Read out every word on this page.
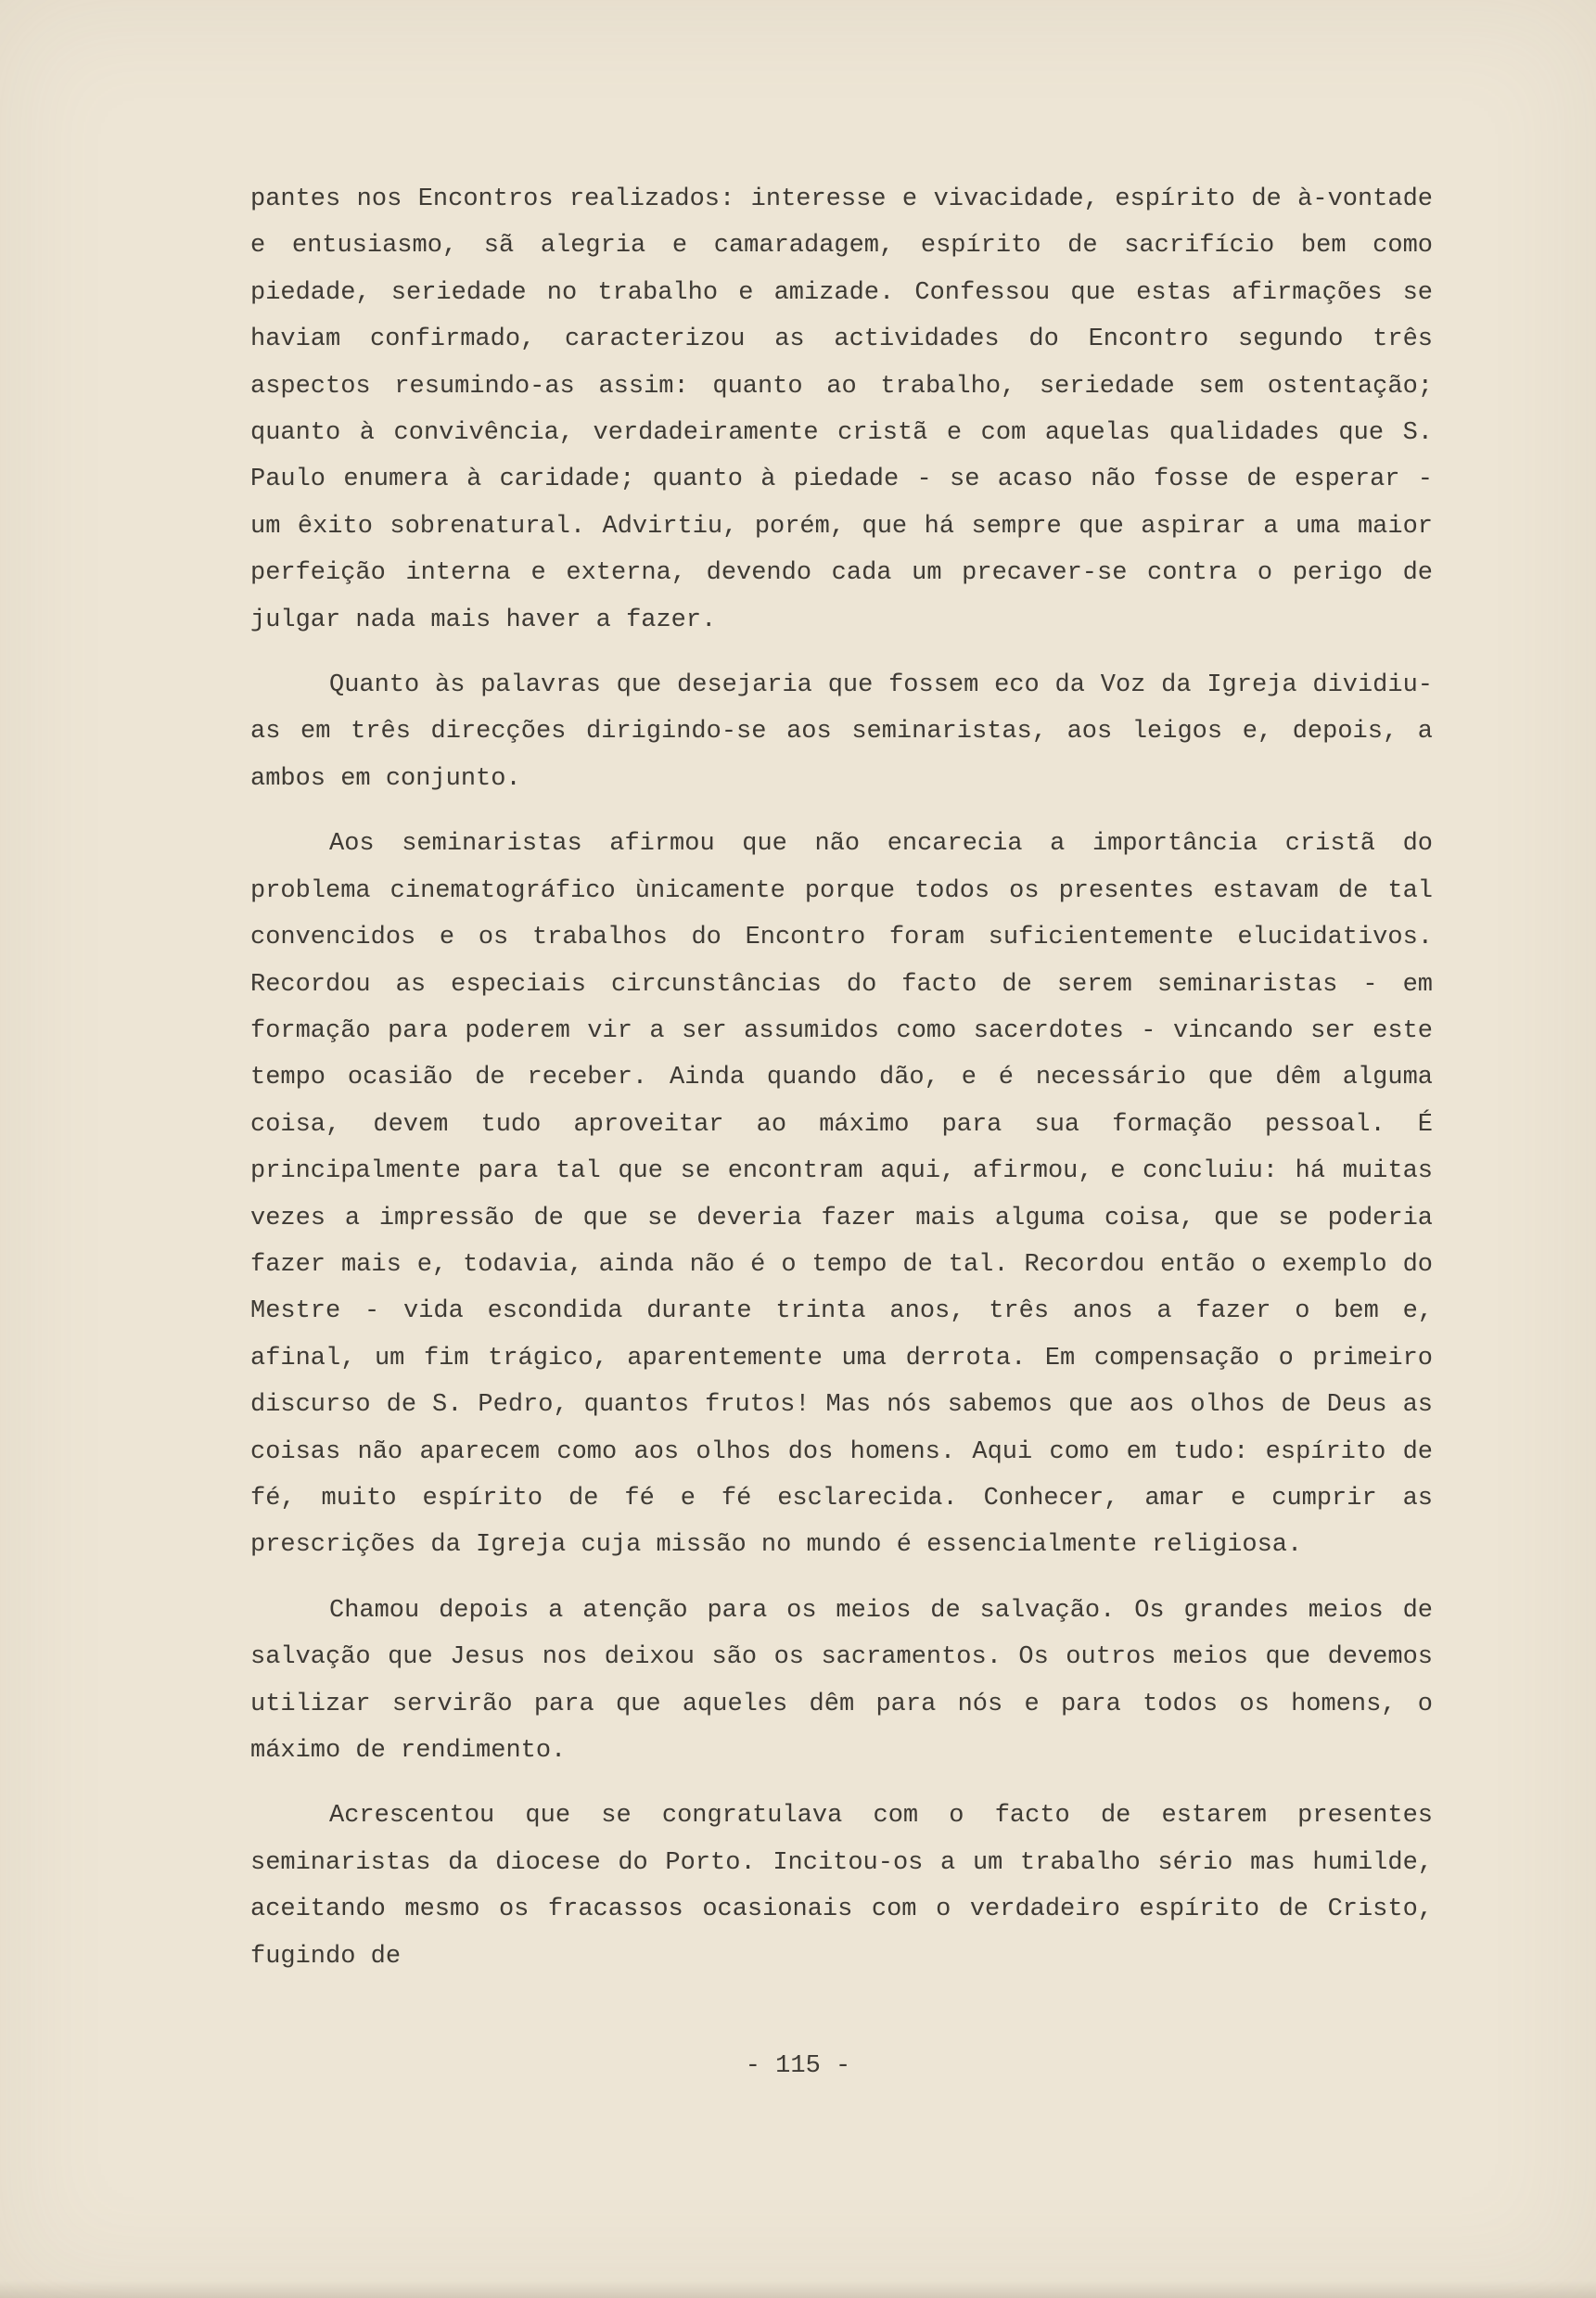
pantes nos Encontros realizados: interesse e vivacidade, espírito de à-vontade e entusiasmo, sã alegria e camaradagem, espírito de sacrifício bem como piedade, seriedade no trabalho e amizade. Confessou que estas afirmações se haviam confirmado, caracterizou as actividades do Encontro segundo três aspectos resumindo-as assim: quanto ao trabalho, seriedade sem ostentação; quanto à convivência, verdadeiramente cristã e com aquelas qualidades que S. Paulo enumera à caridade; quanto à piedade - se acaso não fosse de esperar - um êxito sobrenatural. Advirtiu, porém, que há sempre que aspirar a uma maior perfeição interna e externa, devendo cada um precaver-se contra o perigo de julgar nada mais haver a fazer.

Quanto às palavras que desejaria que fossem eco da Voz da Igreja dividiu-as em três direcções dirigindo-se aos seminaristas, aos leigos e, depois, a ambos em conjunto.

Aos seminaristas afirmou que não encarecia a importância cristã do problema cinematográfico ùnicamente porque todos os presentes estavam de tal convencidos e os trabalhos do Encontro foram suficientemente elucidativos. Recordou as especiais circunstâncias do facto de serem seminaristas - em formação para poderem vir a ser assumidos como sacerdotes - vincando ser este tempo ocasião de receber. Ainda quando dão, e é necessário que dêm alguma coisa, devem tudo aproveitar ao máximo para sua formação pessoal. É principalmente para tal que se encontram aqui, afirmou, e concluiu: há muitas vezes a impressão de que se deveria fazer mais alguma coisa, que se poderia fazer mais e, todavia, ainda não é o tempo de tal. Recordou então o exemplo do Mestre - vida escondida durante trinta anos, três anos a fazer o bem e, afinal, um fim trágico, aparentemente uma derrota. Em compensação o primeiro discurso de S. Pedro, quantos frutos! Mas nós sabemos que aos olhos de Deus as coisas não aparecem como aos olhos dos homens. Aqui como em tudo: espírito de fé, muito espírito de fé e fé esclarecida. Conhecer, amar e cumprir as prescrições da Igreja cuja missão no mundo é essencialmente religiosa.

Chamou depois a atenção para os meios de salvação. Os grandes meios de salvação que Jesus nos deixou são os sacramentos. Os outros meios que devemos utilizar servirão para que aqueles dêm para nós e para todos os homens, o máximo de rendimento.

Acrescentou que se congratulava com o facto de estarem presentes seminaristas da diocese do Porto. Incitou-os a um trabalho sério mas humilde, aceitando mesmo os fracassos ocasionais com o verdadeiro espírito de Cristo, fugindo de

- 115 -
